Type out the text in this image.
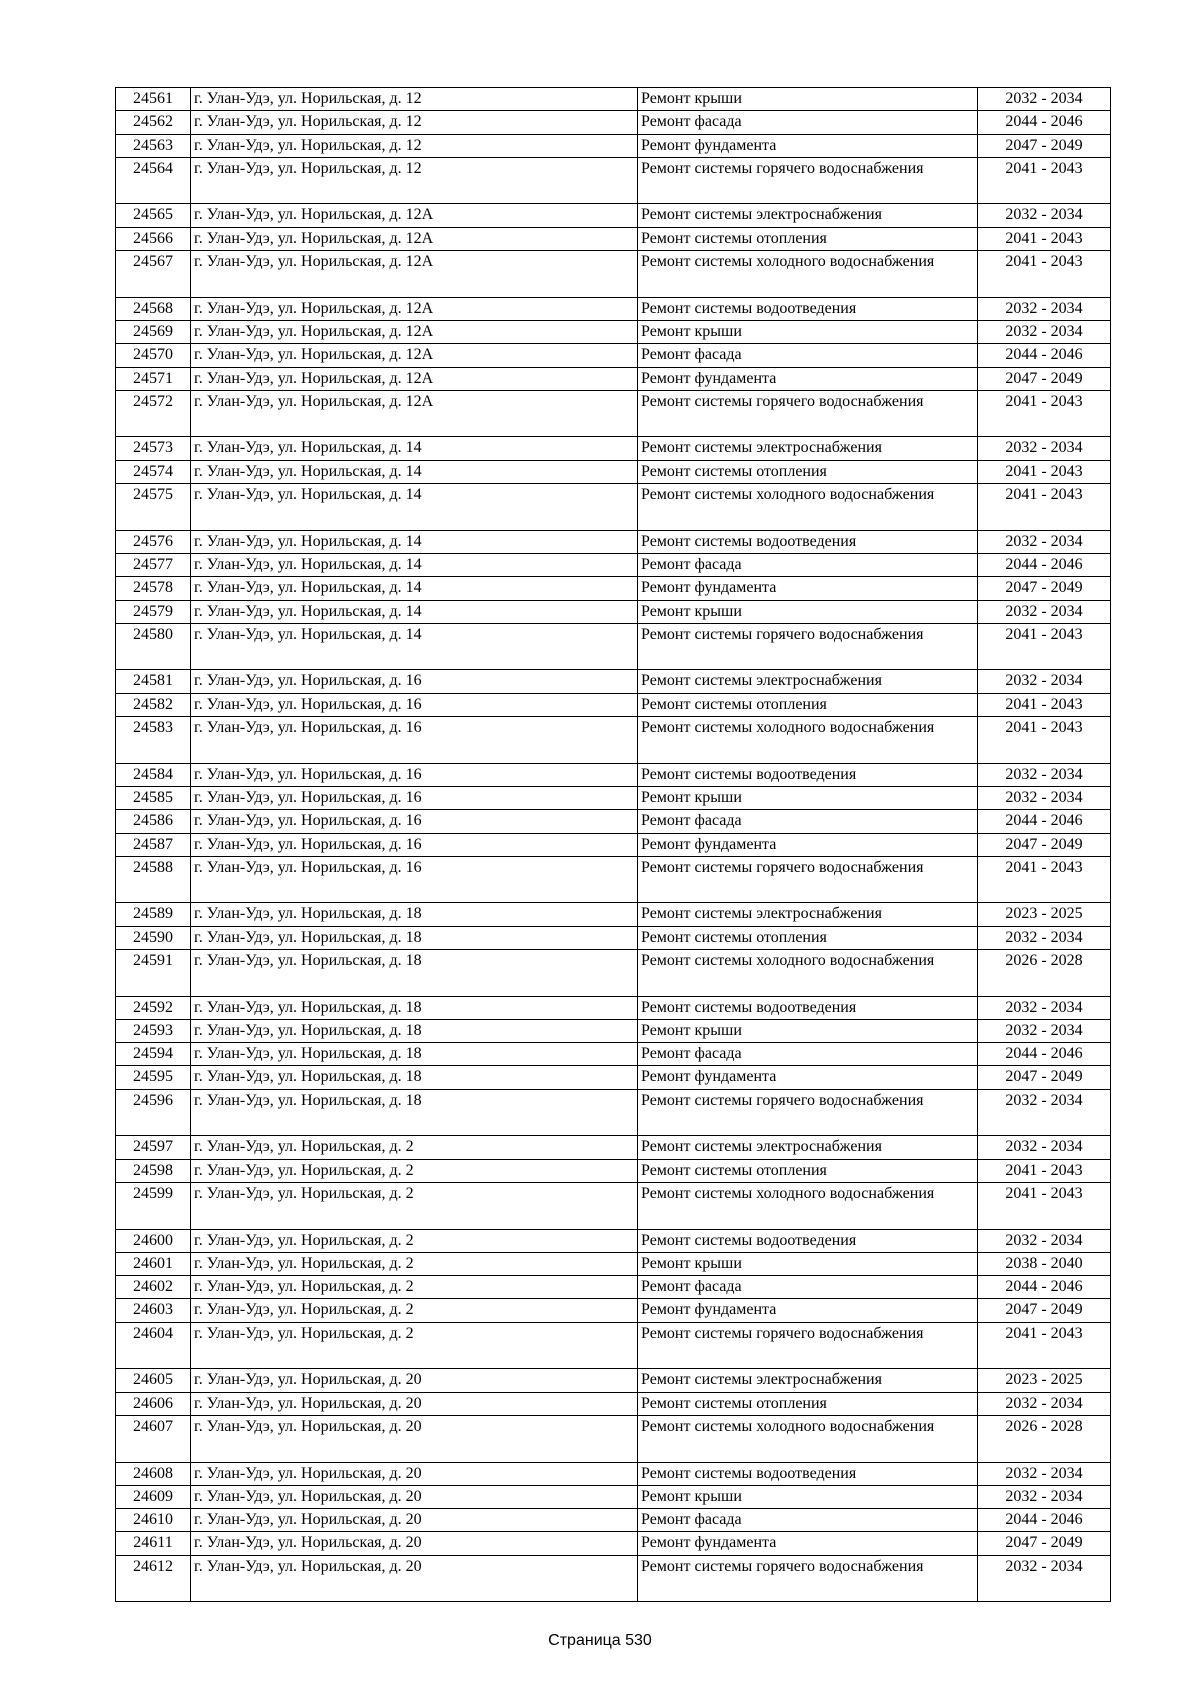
24561	г. Улан-Удэ, ул. Норильская, д. 12	Ремонт крыши	2032 - 2034
24562	г. Улан-Удэ, ул. Норильская, д. 12	Ремонт фасада	2044 - 2046
24563	г. Улан-Удэ, ул. Норильская, д. 12	Ремонт фундамента	2047 - 2049
24564	г. Улан-Удэ, ул. Норильская, д. 12	Ремонт системы горячего водоснабжения	2041 - 2043
24565	г. Улан-Удэ, ул. Норильская, д. 12А	Ремонт системы электроснабжения	2032 - 2034
24566	г. Улан-Удэ, ул. Норильская, д. 12А	Ремонт системы отопления	2041 - 2043
24567	г. Улан-Удэ, ул. Норильская, д. 12А	Ремонт системы холодного водоснабжения	2041 - 2043
24568	г. Улан-Удэ, ул. Норильская, д. 12А	Ремонт системы водоотведения	2032 - 2034
24569	г. Улан-Удэ, ул. Норильская, д. 12А	Ремонт крыши	2032 - 2034
24570	г. Улан-Удэ, ул. Норильская, д. 12А	Ремонт фасада	2044 - 2046
24571	г. Улан-Удэ, ул. Норильская, д. 12А	Ремонт фундамента	2047 - 2049
24572	г. Улан-Удэ, ул. Норильская, д. 12А	Ремонт системы горячего водоснабжения	2041 - 2043
24573	г. Улан-Удэ, ул. Норильская, д. 14	Ремонт системы электроснабжения	2032 - 2034
24574	г. Улан-Удэ, ул. Норильская, д. 14	Ремонт системы отопления	2041 - 2043
24575	г. Улан-Удэ, ул. Норильская, д. 14	Ремонт системы холодного водоснабжения	2041 - 2043
24576	г. Улан-Удэ, ул. Норильская, д. 14	Ремонт системы водоотведения	2032 - 2034
24577	г. Улан-Удэ, ул. Норильская, д. 14	Ремонт фасада	2044 - 2046
24578	г. Улан-Удэ, ул. Норильская, д. 14	Ремонт фундамента	2047 - 2049
24579	г. Улан-Удэ, ул. Норильская, д. 14	Ремонт крыши	2032 - 2034
24580	г. Улан-Удэ, ул. Норильская, д. 14	Ремонт системы горячего водоснабжения	2041 - 2043
24581	г. Улан-Удэ, ул. Норильская, д. 16	Ремонт системы электроснабжения	2032 - 2034
24582	г. Улан-Удэ, ул. Норильская, д. 16	Ремонт системы отопления	2041 - 2043
24583	г. Улан-Удэ, ул. Норильская, д. 16	Ремонт системы холодного водоснабжения	2041 - 2043
24584	г. Улан-Удэ, ул. Норильская, д. 16	Ремонт системы водоотведения	2032 - 2034
24585	г. Улан-Удэ, ул. Норильская, д. 16	Ремонт крыши	2032 - 2034
24586	г. Улан-Удэ, ул. Норильская, д. 16	Ремонт фасада	2044 - 2046
24587	г. Улан-Удэ, ул. Норильская, д. 16	Ремонт фундамента	2047 - 2049
24588	г. Улан-Удэ, ул. Норильская, д. 16	Ремонт системы горячего водоснабжения	2041 - 2043
24589	г. Улан-Удэ, ул. Норильская, д. 18	Ремонт системы электроснабжения	2023 - 2025
24590	г. Улан-Удэ, ул. Норильская, д. 18	Ремонт системы отопления	2032 - 2034
24591	г. Улан-Удэ, ул. Норильская, д. 18	Ремонт системы холодного водоснабжения	2026 - 2028
24592	г. Улан-Удэ, ул. Норильская, д. 18	Ремонт системы водоотведения	2032 - 2034
24593	г. Улан-Удэ, ул. Норильская, д. 18	Ремонт крыши	2032 - 2034
24594	г. Улан-Удэ, ул. Норильская, д. 18	Ремонт фасада	2044 - 2046
24595	г. Улан-Удэ, ул. Норильская, д. 18	Ремонт фундамента	2047 - 2049
24596	г. Улан-Удэ, ул. Норильская, д. 18	Ремонт системы горячего водоснабжения	2032 - 2034
24597	г. Улан-Удэ, ул. Норильская, д. 2	Ремонт системы электроснабжения	2032 - 2034
24598	г. Улан-Удэ, ул. Норильская, д. 2	Ремонт системы отопления	2041 - 2043
24599	г. Улан-Удэ, ул. Норильская, д. 2	Ремонт системы холодного водоснабжения	2041 - 2043
24600	г. Улан-Удэ, ул. Норильская, д. 2	Ремонт системы водоотведения	2032 - 2034
24601	г. Улан-Удэ, ул. Норильская, д. 2	Ремонт крыши	2038 - 2040
24602	г. Улан-Удэ, ул. Норильская, д. 2	Ремонт фасада	2044 - 2046
24603	г. Улан-Удэ, ул. Норильская, д. 2	Ремонт фундамента	2047 - 2049
24604	г. Улан-Удэ, ул. Норильская, д. 2	Ремонт системы горячего водоснабжения	2041 - 2043
24605	г. Улан-Удэ, ул. Норильская, д. 20	Ремонт системы электроснабжения	2023 - 2025
24606	г. Улан-Удэ, ул. Норильская, д. 20	Ремонт системы отопления	2032 - 2034
24607	г. Улан-Удэ, ул. Норильская, д. 20	Ремонт системы холодного водоснабжения	2026 - 2028
24608	г. Улан-Удэ, ул. Норильская, д. 20	Ремонт системы водоотведения	2032 - 2034
24609	г. Улан-Удэ, ул. Норильская, д. 20	Ремонт крыши	2032 - 2034
24610	г. Улан-Удэ, ул. Норильская, д. 20	Ремонт фасада	2044 - 2046
24611	г. Улан-Удэ, ул. Норильская, д. 20	Ремонт фундамента	2047 - 2049
24612	г. Улан-Удэ, ул. Норильская, д. 20	Ремонт системы горячего водоснабжения	2032 - 2034
Страница 530
